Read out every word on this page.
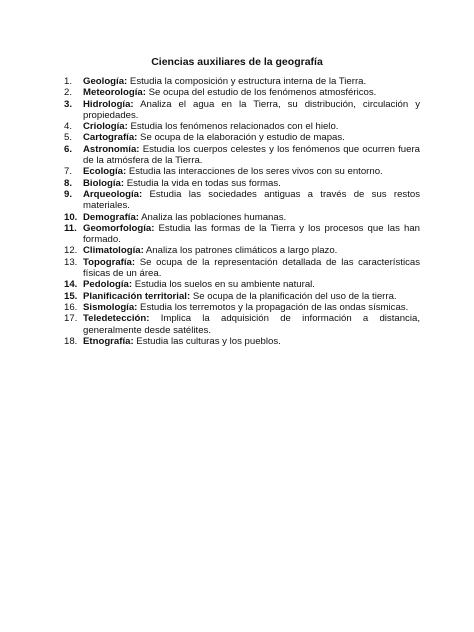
Ciencias auxiliares de la geografía
1.	Geología: Estudia la composición y estructura interna de la Tierra.
2.	Meteorología: Se ocupa del estudio de los fenómenos atmosféricos.
3.	Hidrología: Analiza el agua en la Tierra, su distribución, circulación y propiedades.
4.	Criología: Estudia los fenómenos relacionados con el hielo.
5.	Cartografía: Se ocupa de la elaboración y estudio de mapas.
6.	Astronomía: Estudia los cuerpos celestes y los fenómenos que ocurren fuera de la atmósfera de la Tierra.
7.	Ecología: Estudia las interacciones de los seres vivos con su entorno.
8.	Biología: Estudia la vida en todas sus formas.
9.	Arqueología: Estudia las sociedades antiguas a través de sus restos materiales.
10. Demografía: Analiza las poblaciones humanas.
11. Geomorfología: Estudia las formas de la Tierra y los procesos que las han formado.
12. Climatología: Analiza los patrones climáticos a largo plazo.
13. Topografía: Se ocupa de la representación detallada de las características físicas de un área.
14. Pedología: Estudia los suelos en su ambiente natural.
15. Planificación territorial: Se ocupa de la planificación del uso de la tierra.
16. Sismología: Estudia los terremotos y la propagación de las ondas sísmicas.
17. Teledetección: Implica la adquisición de información a distancia, generalmente desde satélites.
18. Etnografía: Estudia las culturas y los pueblos.
